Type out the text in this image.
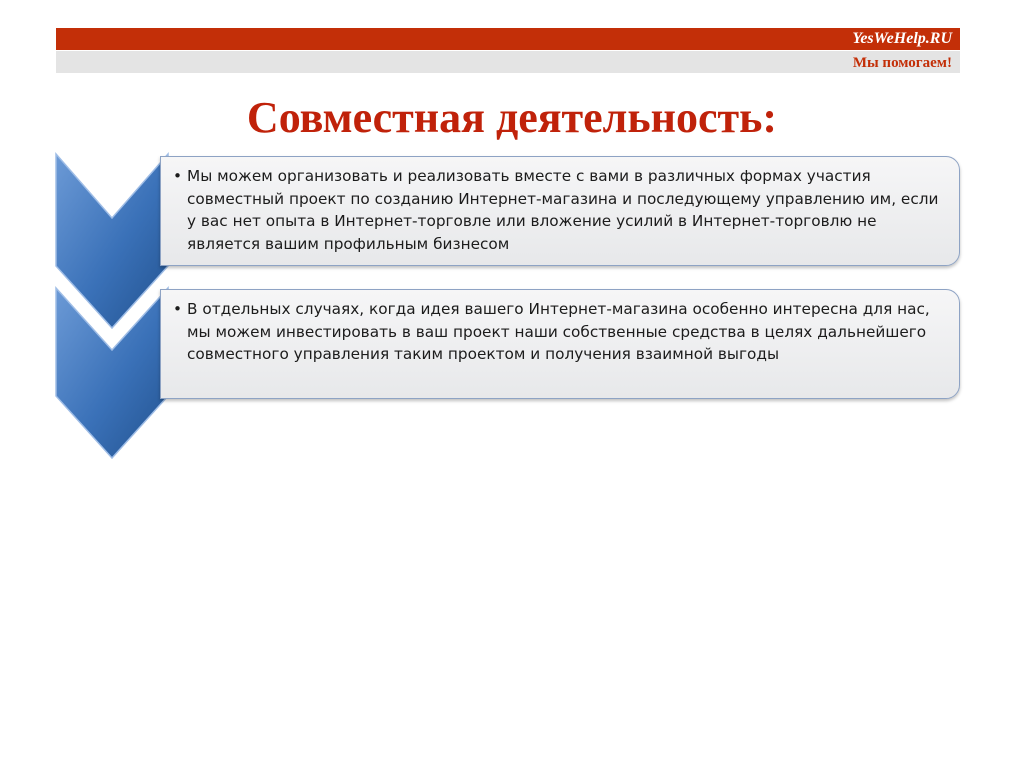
YesWeHelp.RU
Мы помогаем!
Совместная деятельность:
• Мы можем организовать и реализовать вместе с вами в различных формах участия совместный проект по созданию Интернет-магазина и последующему управлению им, если у вас нет опыта в Интернет-торговле или вложение усилий в Интернет-торговлю не является вашим профильным бизнесом
• В отдельных случаях, когда идея вашего Интернет-магазина особенно интересна для нас, мы можем инвестировать в ваш проект наши собственные средства в целях дальнейшего совместного управления таким проектом и получения взаимной выгоды
